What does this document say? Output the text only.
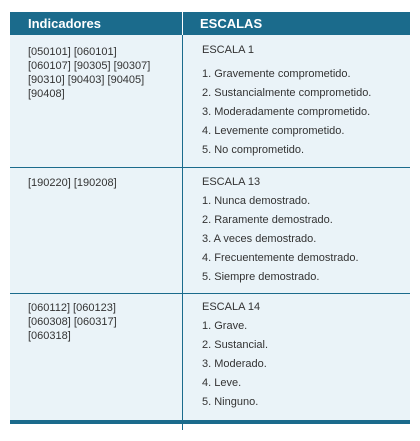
Indicadores	ESCALAS
[050101] [060101]
[060107] [90305] [90307]
[90310] [90403] [90405]
[90408]
ESCALA 1
1. Gravemente comprometido.
2. Sustancialmente comprometido.
3. Moderadamente comprometido.
4. Levemente comprometido.
5. No comprometido.
[190220] [190208]	ESCALA 13
1. Nunca demostrado.
2. Raramente demostrado.
3. A veces demostrado.
4. Frecuentemente demostrado.
5. Siempre demostrado.
[060112] [060123]
[060308] [060317]
[060318]
ESCALA 14
1. Grave.
2. Sustancial.
3. Moderado.
4. Leve.
5. Ninguno.
